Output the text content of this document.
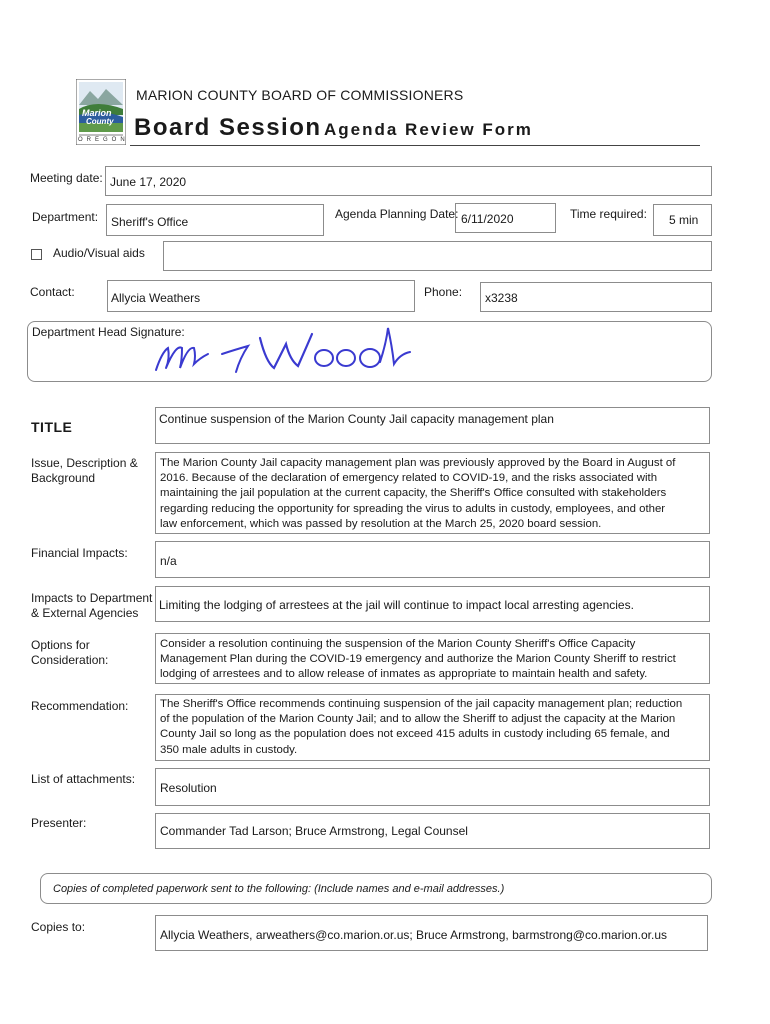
Marion
County
OREGON
MARION COUNTY BOARD OF COMMISSIONERS
Board Session Agenda Review Form
Meeting date: June 17, 2020
Department: Sheriff's Office
Agenda Planning Date: 6/11/2020	Time required: 5 min
Audio/Visual aids
Contact:	Allycia Weathers	Phone: x3238
Department Head Signature:
TITLE	Continue suspension of the Marion County Jail capacity management plan
Issue, Description &
Background
The Marion County Jail capacity management plan was previously approved by the Board in August of
2016. Because of the declaration of emergency related to COVID-19, and the risks associated with
maintaining the jail population at the current capacity, the Sheriff's Office consulted with stakeholders
regarding reducing the opportunity for spreading the virus to adults in custody, employees, and other
law enforcement, which was passed by resolution at the March 25, 2020 board session.
Financial Impacts:
n/a
Impacts to Department
& External Agencies
Limiting the lodging of arrestees at the jail will continue to impact local arresting agencies.
Options for
Consideration:
Consider a resolution continuing the suspension of the Marion County Sheriff's Office Capacity
Management Plan during the COVID-19 emergency and authorize the Marion County Sheriff to restrict
lodging of arrestees and to allow release of inmates as appropriate to maintain health and safety.
Recommendation:	The Sheriff's Office recommends continuing suspension of the jail capacity management plan; reduction
of the population of the Marion County Jail; and to allow the Sheriff to adjust the capacity at the Marion
County Jail so long as the population does not exceed 415 adults in custody including 65 female, and
350 male adults in custody.
List of attachments:
Resolution
Presenter:
Commander Tad Larson; Bruce Armstrong, Legal Counsel
Copies of completed paperwork sent to the following: (Include names and e-mail addresses.)
Copies to:
Allycia Weathers, arweathers@co.marion.or.us; Bruce Armstrong, barmstrong@co.marion.or.us
